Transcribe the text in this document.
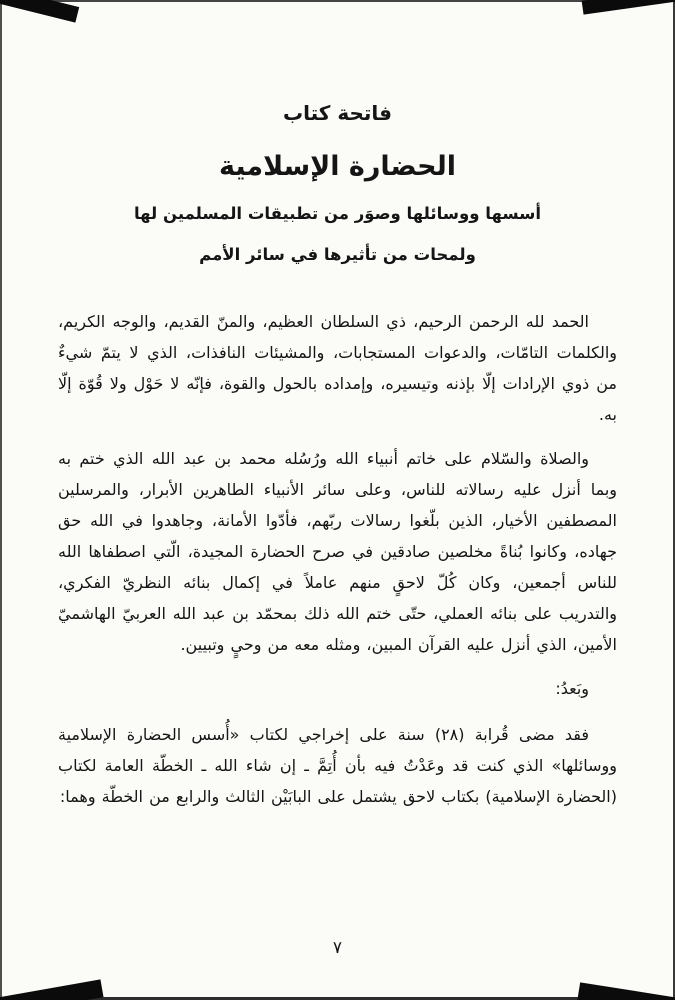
فاتحة كتاب
الحضارة الإسلامية
أسسها ووسائلها وصوَر من تطبيقات المسلمين لها
ولمحات من تأثيرها في سائر الأمم

الحمد لله الرحمن الرحيم، ذي السلطان العظيم، والمنّ القديم، والوجه الكريم، والكلمات التامّات، والدعوات المستجابات، والمشيئات النافذات، الذي لا يتمّ شيءٌ من ذوي الإرادات إلّا بإذنه وتيسيره، وإمداده بالحول والقوة، فإنّه لا حَوْل ولا قُوّة إلّا به.

والصلاة والسّلام على خاتم أنبياء الله ورُسُله محمد بن عبد الله الذي ختم به وبما أنزل عليه رسالاته للناس، وعلى سائر الأنبياء الطاهرين الأبرار، والمرسلين المصطفين الأخيار، الذين بلّغوا رسالات ربّهم، فأدّوا الأمانة، وجاهدوا في الله حق جهاده، وكانوا بُناةً مخلصين صادقين في صرح الحضارة المجيدة، الّتي اصطفاها الله للناس أجمعين، وكان كُلّ لاحقٍ منهم عاملاً في إكمال بنائه النظريّ الفكري، والتدريب على بنائه العملي، حتّى ختم الله ذلك بمحمّد بن عبد الله العربيّ الهاشميّ الأمين، الذي أنزل عليه القرآن المبين، ومثله معه من وحيٍ وتبيين.

وبَعدُ:

فقد مضى قُرابة (٢٨) سنة على إخراجي لكتاب «أُسس الحضارة الإسلامية ووسائلها» الذي كنت قد وعَدْتُ فيه بأن أُتِمَّ ـ إن شاء الله ـ الخطّة العامة لكتاب (الحضارة الإسلامية) بكتاب لاحق يشتمل على البابَيْن الثالث والرابع من الخطّة وهما:

٧
